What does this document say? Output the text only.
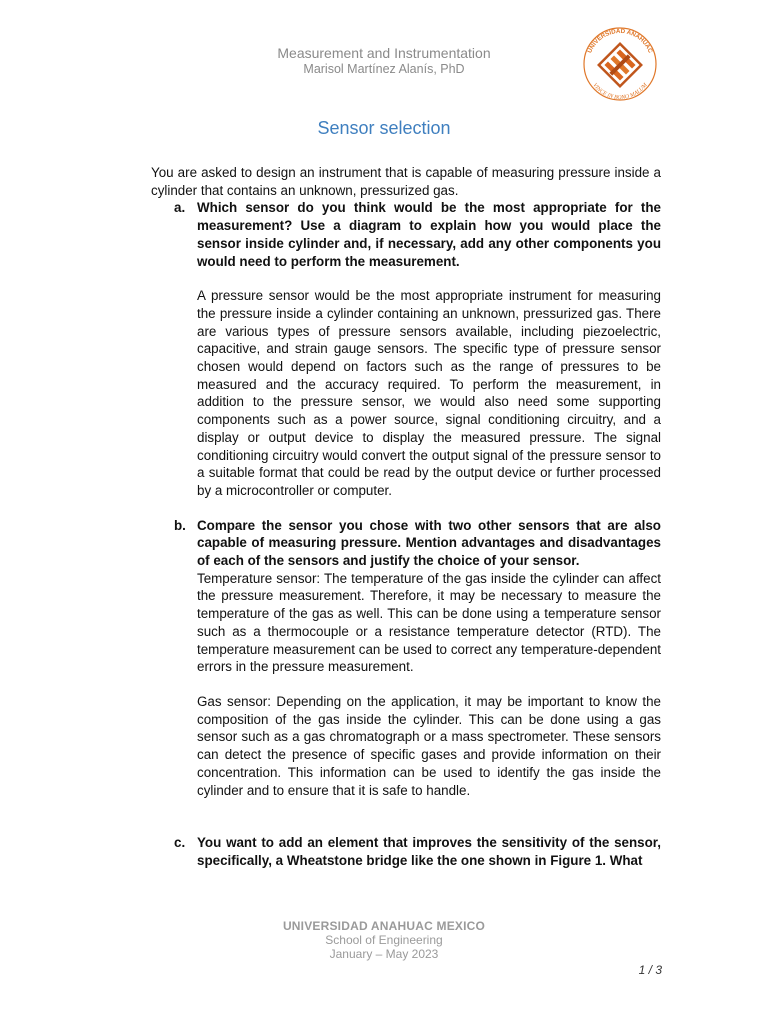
Measurement and Instrumentation
Marisol Martínez Alanís, PhD
UNIVERSIDAD ANÁHUAC
VINCE IN BONO MALUM
Sensor selection

You are asked to design an instrument that is capable of measuring pressure inside a cylinder that contains an unknown, pressurized gas.

a. Which sensor do you think would be the most appropriate for the measurement? Use a diagram to explain how you would place the sensor inside cylinder and, if necessary, add any other components you would need to perform the measurement.

A pressure sensor would be the most appropriate instrument for measuring the pressure inside a cylinder containing an unknown, pressurized gas. There are various types of pressure sensors available, including piezoelectric, capacitive, and strain gauge sensors. The specific type of pressure sensor chosen would depend on factors such as the range of pressures to be measured and the accuracy required. To perform the measurement, in addition to the pressure sensor, we would also need some supporting components such as a power source, signal conditioning circuitry, and a display or output device to display the measured pressure. The signal conditioning circuitry would convert the output signal of the pressure sensor to a suitable format that could be read by the output device or further processed by a microcontroller or computer.

b. Compare the sensor you chose with two other sensors that are also capable of measuring pressure. Mention advantages and disadvantages of each of the sensors and justify the choice of your sensor.

Temperature sensor: The temperature of the gas inside the cylinder can affect the pressure measurement. Therefore, it may be necessary to measure the temperature of the gas as well. This can be done using a temperature sensor such as a thermocouple or a resistance temperature detector (RTD). The temperature measurement can be used to correct any temperature-dependent errors in the pressure measurement.

Gas sensor: Depending on the application, it may be important to know the composition of the gas inside the cylinder. This can be done using a gas sensor such as a gas chromatograph or a mass spectrometer. These sensors can detect the presence of specific gases and provide information on their concentration. This information can be used to identify the gas inside the cylinder and to ensure that it is safe to handle.

c. You want to add an element that improves the sensitivity of the sensor, specifically, a Wheatstone bridge like the one shown in Figure 1. What

UNIVERSIDAD ANAHUAC MEXICO
School of Engineering
January – May 2023
1 / 3
